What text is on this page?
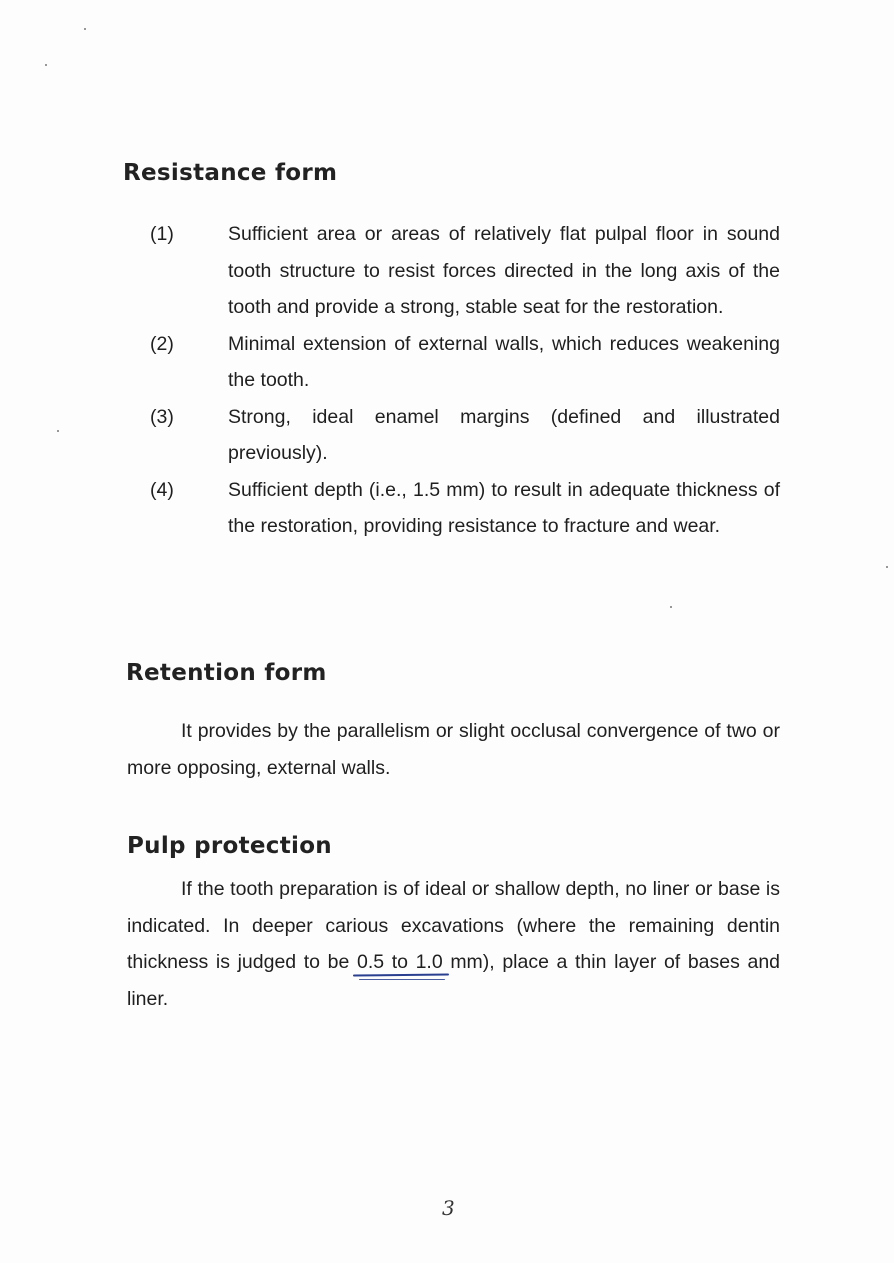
Resistance form
(1)	Sufficient area or areas of relatively flat pulpal floor in sound tooth structure to resist forces directed in the long axis of the tooth and provide a strong, stable seat for the restoration.
(2)	Minimal extension of external walls, which reduces weakening the tooth.
(3)	Strong, ideal enamel margins (defined and illustrated previously).
(4)	Sufficient depth (i.e., 1.5 mm) to result in adequate thickness of the restoration, providing resistance to fracture and wear.
Retention form

It provides by the parallelism or slight occlusal convergence of two or more opposing, external walls.

Pulp protection

If the tooth preparation is of ideal or shallow depth, no liner or base is indicated. In deeper carious excavations (where the remaining dentin thickness is judged to be 0.5 to 1.0 mm), place a thin layer of bases and liner.

3
